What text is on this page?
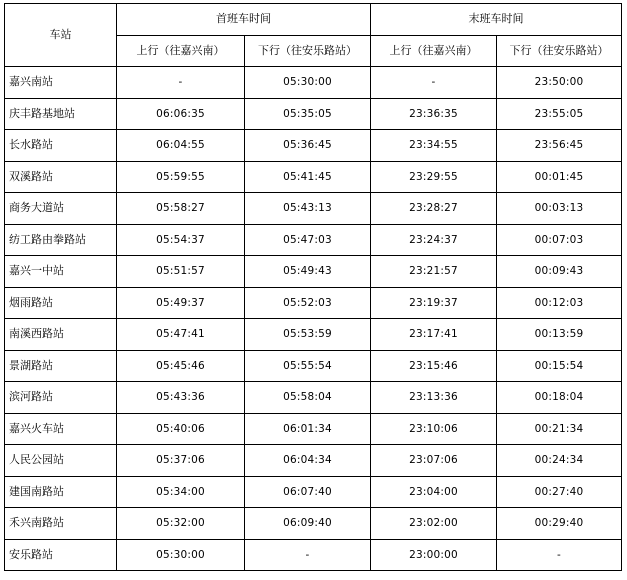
车站	首班车时间		末班车时间	
	上行（往嘉兴南）	下行（往安乐路站）	上行（往嘉兴南）	下行（往安乐路站）
嘉兴南站	-	05:30:00	-	23:50:00
庆丰路基地站	06:06:35	05:35:05	23:36:35	23:55:05
长水路站	06:04:55	05:36:45	23:34:55	23:56:45
双溪路站	05:59:55	05:41:45	23:29:55	00:01:45
商务大道站	05:58:27	05:43:13	23:28:27	00:03:13
纺工路由拳路站	05:54:37	05:47:03	23:24:37	00:07:03
嘉兴一中站	05:51:57	05:49:43	23:21:57	00:09:43
烟雨路站	05:49:37	05:52:03	23:19:37	00:12:03
南溪西路站	05:47:41	05:53:59	23:17:41	00:13:59
景湖路站	05:45:46	05:55:54	23:15:46	00:15:54
滨河路站	05:43:36	05:58:04	23:13:36	00:18:04
嘉兴火车站	05:40:06	06:01:34	23:10:06	00:21:34
人民公园站	05:37:06	06:04:34	23:07:06	00:24:34
建国南路站	05:34:00	06:07:40	23:04:00	00:27:40
禾兴南路站	05:32:00	06:09:40	23:02:00	00:29:40
安乐路站	05:30:00	-	23:00:00	-
